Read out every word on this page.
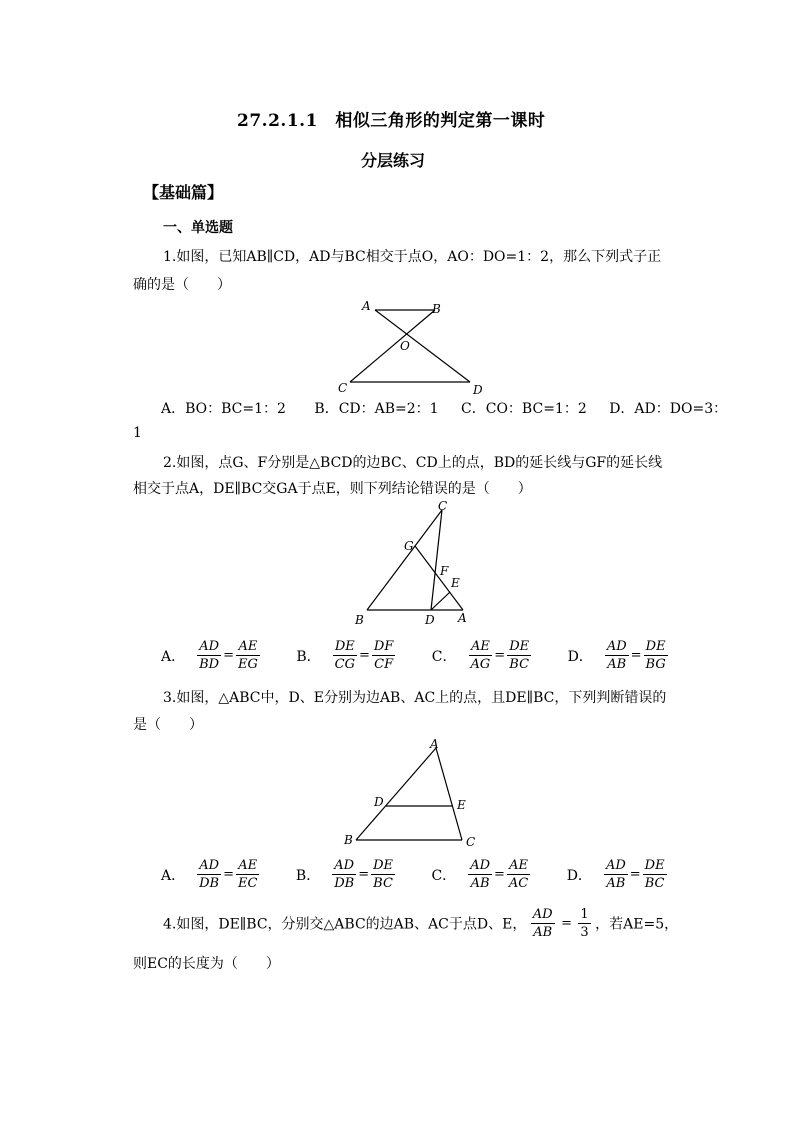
27.2.1.1　相似三角形的判定第一课时
分层练习
【基础篇】
一、单选题
1.如图，已知AB∥CD，AD与BC相交于点O，AO：DO=1：2，那么下列式子正
确的是（　　）
A	B
O
C	D
A．BO：BC=1：2 B．CD：AB=2：1 C．CO：BC=1：2 D．AD：DO=3：
1
2.如图，点G、F分别是△BCD的边BC、CD上的点，BD的延长线与GF的延长线
相交于点A，DE∥BC交GA于点E，则下列结论错误的是（　　）
C
G
F
E
B	D A
A． $\frac{AD}{BD} = \frac{AE}{EG}$
	B． $\frac{DE}{CG} = \frac{DF}{CF}$
	C． $\frac{AE}{AG} = \frac{DE}{BC}$
	D． $\frac{AD}{AB} = \frac{DE}{BG}$
3.如图，△ABC中，D、E分别为边AB、AC上的点，且DE∥BC，下列判断错误的
是（　　）
A
D	E
B	C
A． $\frac{AD}{DB} = \frac{AE}{EC}$
	B． $\frac{AD}{DB} = \frac{DE}{BC}$
	C． $\frac{AD}{AB} = \frac{AE}{AC}$
	D． $\frac{AD}{AB} = \frac{DE}{BC}$
4.如图，DE∥BC，分别交△ABC的边AB、AC于点D、E， $\frac{AD}{AB} = \frac{1}{3}$ ，若AE=5，
则EC的长度为（　　）
